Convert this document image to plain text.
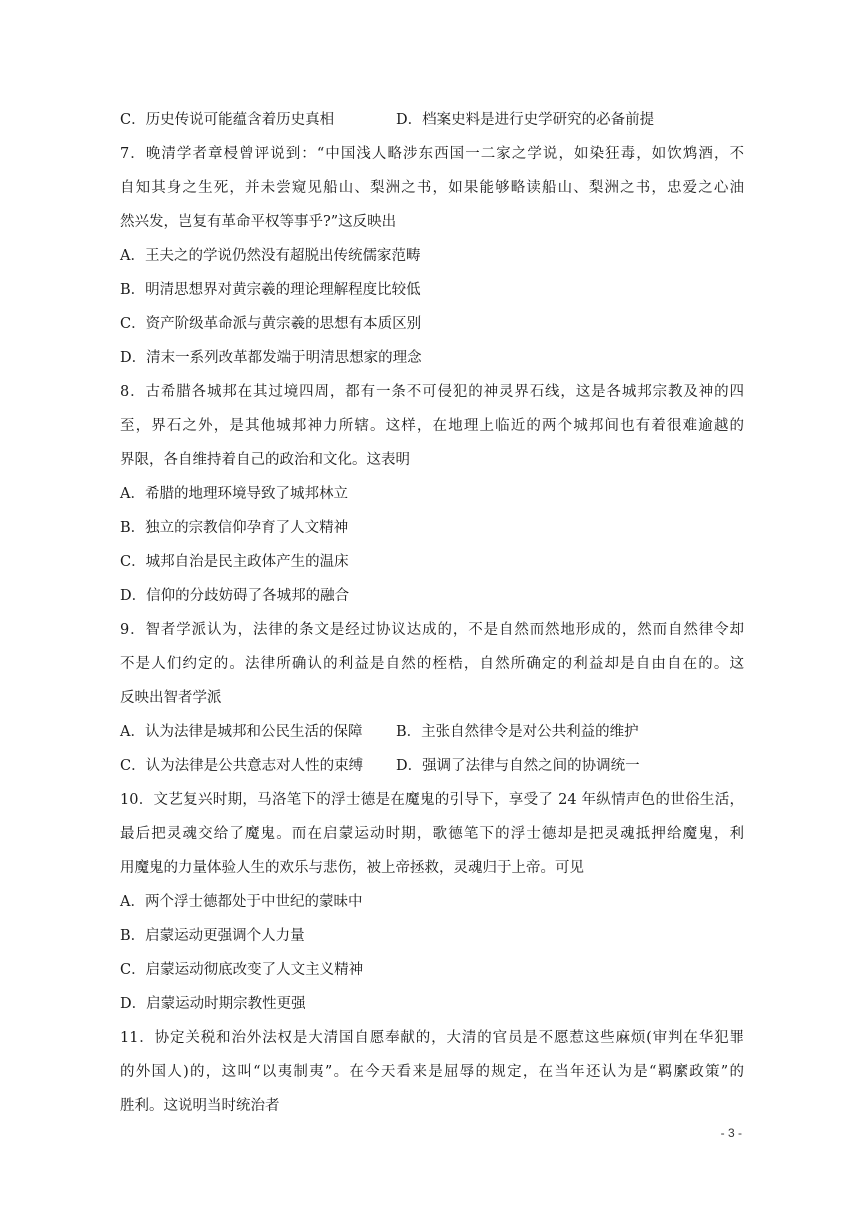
C．历史传说可能蕴含着历史真相	D．档案史料是进行史学研究的必备前提
7．晚清学者章梫曾评说到：“中国浅人略涉东西国一二家之学说，如染狂毒，如饮鸩酒，不
自知其身之生死，并未尝窥见船山、梨洲之书，如果能够略读船山、梨洲之书，忠爱之心油
然兴发，岂复有革命平权等事乎?”这反映出
A．王夫之的学说仍然没有超脱出传统儒家范畴
B．明清思想界对黄宗羲的理论理解程度比较低
C．资产阶级革命派与黄宗羲的思想有本质区别
D．清末一系列改革都发端于明清思想家的理念
8．古希腊各城邦在其过境四周，都有一条不可侵犯的神灵界石线，这是各城邦宗教及神的四
至，界石之外，是其他城邦神力所辖。这样，在地理上临近的两个城邦间也有着很难逾越的
界限，各自维持着自己的政治和文化。这表明
A．希腊的地理环境导致了城邦林立
B．独立的宗教信仰孕育了人文精神
C．城邦自治是民主政体产生的温床
D．信仰的分歧妨碍了各城邦的融合
9．智者学派认为，法律的条文是经过协议达成的，不是自然而然地形成的，然而自然律令却
不是人们约定的。法律所确认的利益是自然的桎梏，自然所确定的利益却是自由自在的。这
反映出智者学派
A．认为法律是城邦和公民生活的保障	B．主张自然律令是对公共利益的维护
C．认为法律是公共意志对人性的束缚	D．强调了法律与自然之间的协调统一
10．文艺复兴时期，马洛笔下的浮士德是在魔鬼的引导下，享受了 24 年纵情声色的世俗生活，
最后把灵魂交给了魔鬼。而在启蒙运动时期，歌德笔下的浮士德却是把灵魂抵押给魔鬼，利
用魔鬼的力量体验人生的欢乐与悲伤，被上帝拯救，灵魂归于上帝。可见
A．两个浮士德都处于中世纪的蒙昧中
B．启蒙运动更强调个人力量
C．启蒙运动彻底改变了人文主义精神
D．启蒙运动时期宗教性更强
11．协定关税和治外法权是大清国自愿奉献的，大清的官员是不愿惹这些麻烦(审判在华犯罪
的外国人)的，这叫“以夷制夷”。在今天看来是屈辱的规定，在当年还认为是“羁縻政策”的
胜利。这说明当时统治者
- 3 -
